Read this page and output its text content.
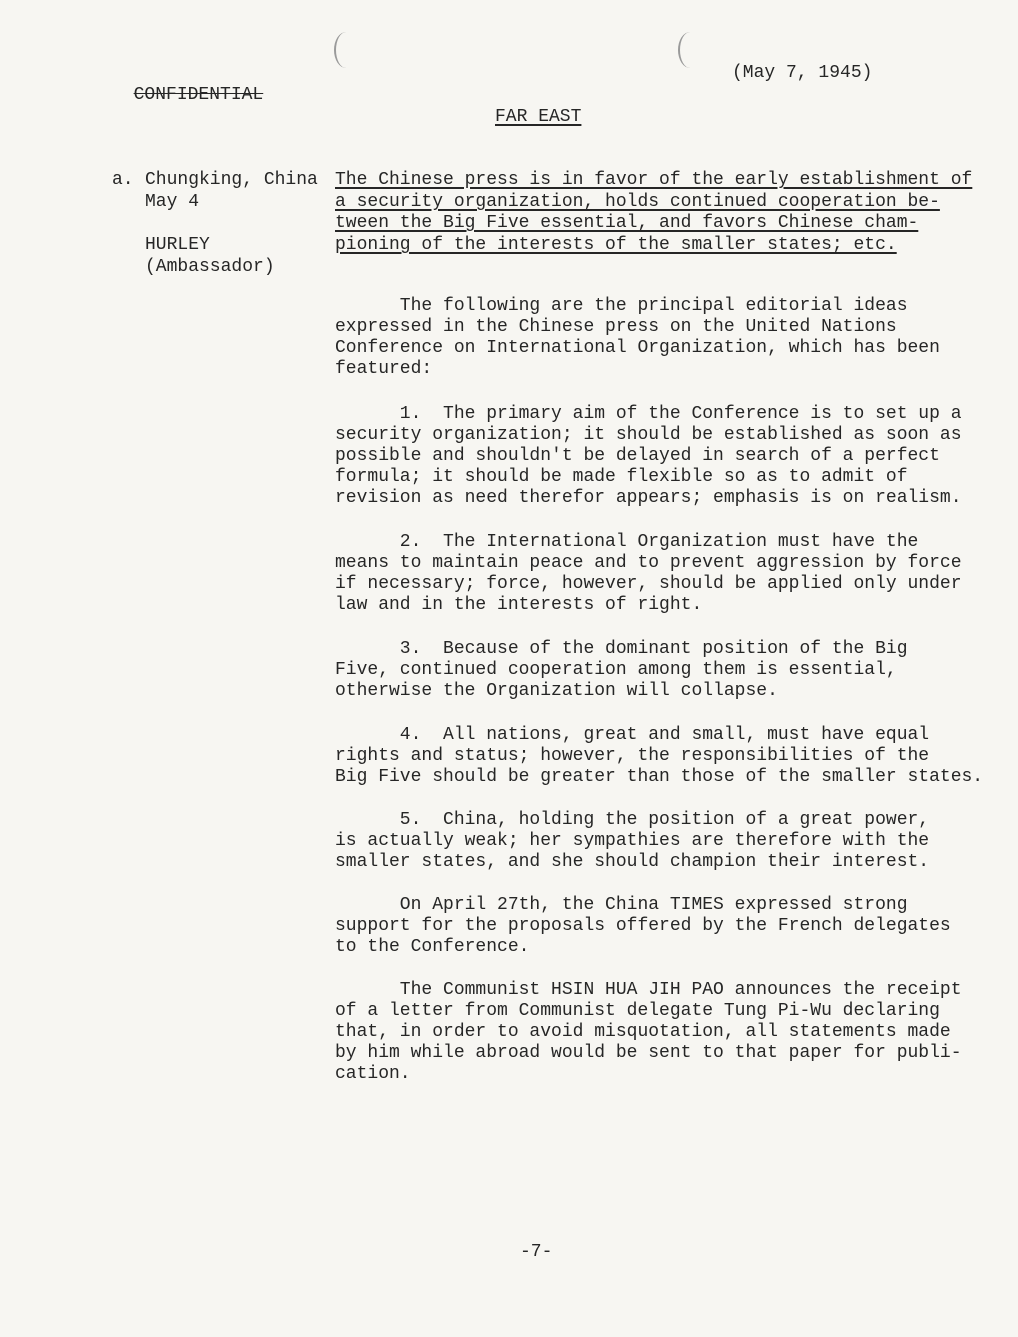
CONFIDENTIAL

(May 7, 1945)
FAR EAST
a. Chungking, China
May 4
HURLEY
(Ambassador)
The Chinese press is in favor of the early establishment of
a security organization, holds continued cooperation be-
tween the Big Five essential, and favors Chinese cham-
pioning of the interests of the smaller states; etc.

The following are the principal editorial ideas
expressed in the Chinese press on the United Nations
Conference on International Organization, which has been
featured:

1.  The primary aim of the Conference is to set up a
security organization; it should be established as soon as
possible and shouldn't be delayed in search of a perfect
formula; it should be made flexible so as to admit of
revision as need therefor appears; emphasis is on realism.

2.  The International Organization must have the
means to maintain peace and to prevent aggression by force
if necessary; force, however, should be applied only under
law and in the interests of right.

3.  Because of the dominant position of the Big
Five, continued cooperation among them is essential,
otherwise the Organization will collapse.

4.  All nations, great and small, must have equal
rights and status; however, the responsibilities of the
Big Five should be greater than those of the smaller states.

5.  China, holding the position of a great power,
is actually weak; her sympathies are therefore with the
smaller states, and she should champion their interest.

On April 27th, the China TIMES expressed strong
support for the proposals offered by the French delegates
to the Conference.

The Communist HSIN HUA JIH PAO announces the receipt
of a letter from Communist delegate Tung Pi-Wu declaring
that, in order to avoid misquotation, all statements made
by him while abroad would be sent to that paper for publi-
cation.
-7-
